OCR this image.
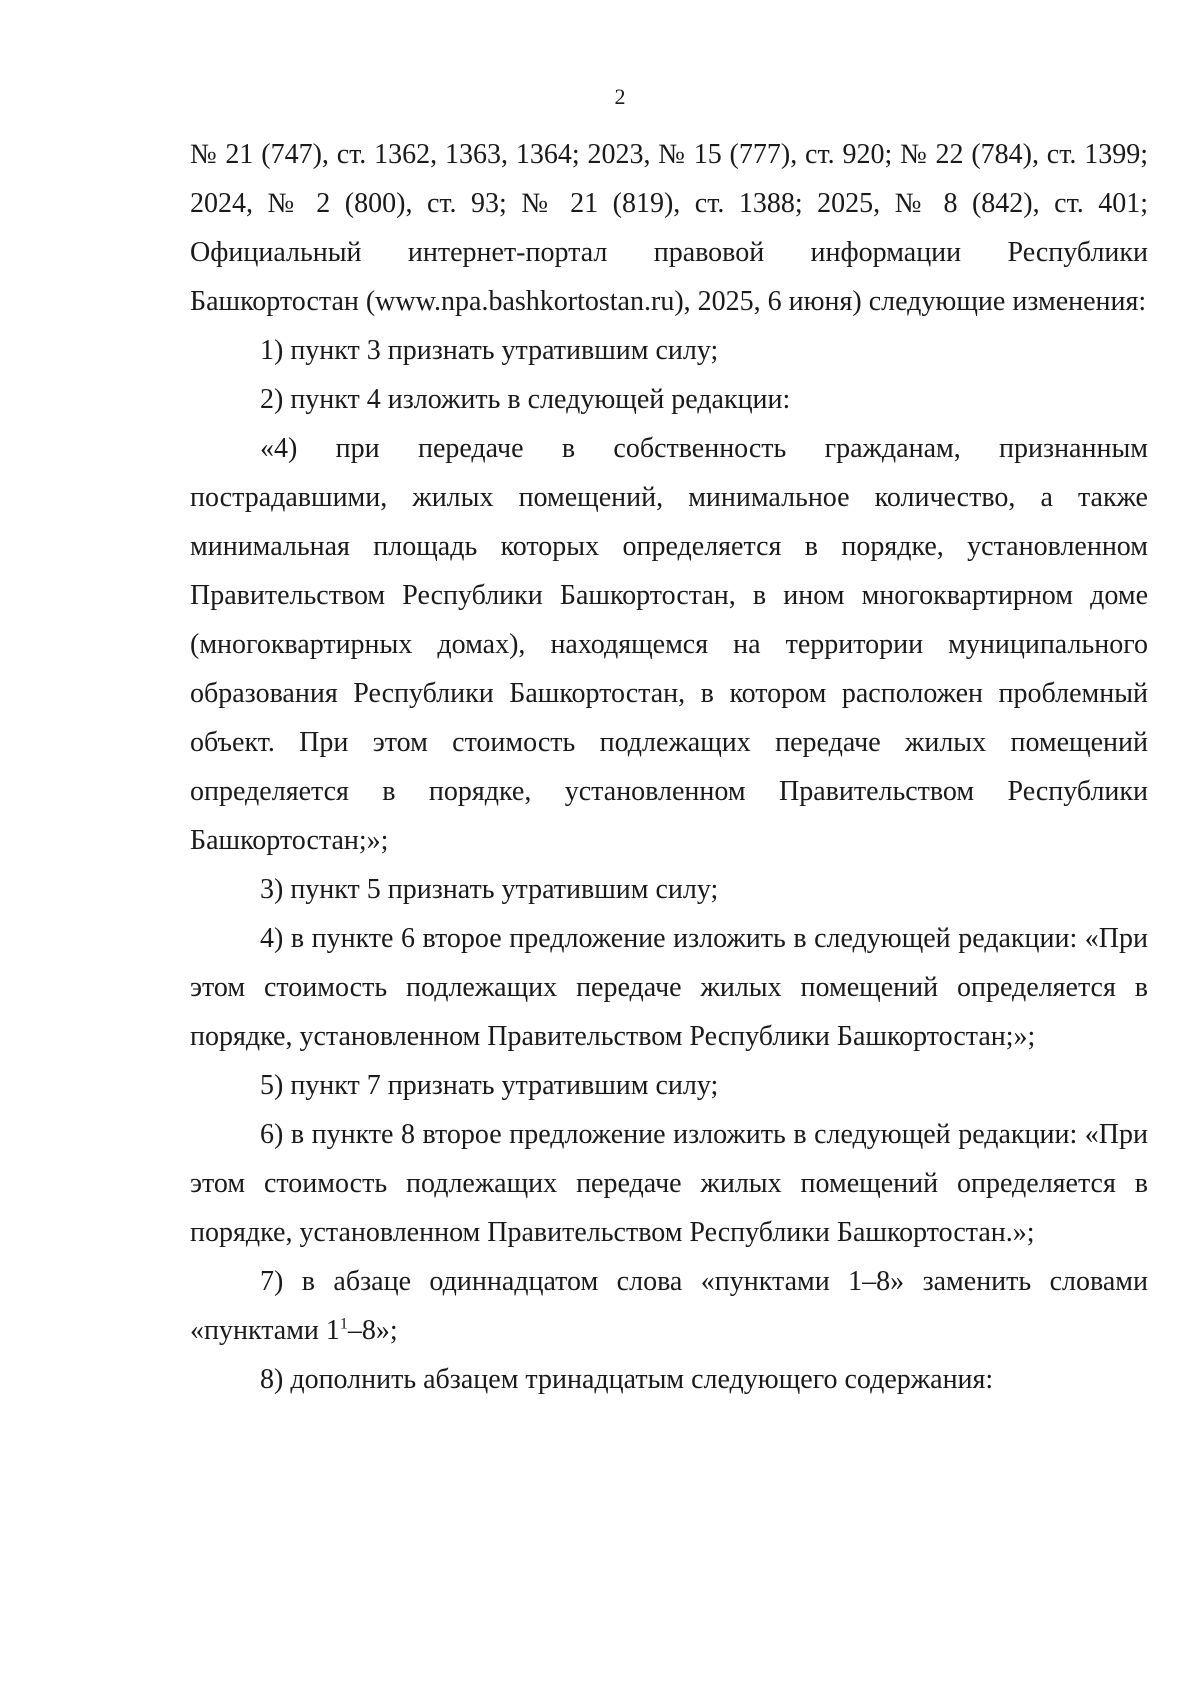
2

№ 21 (747), ст. 1362, 1363, 1364; 2023, № 15 (777), ст. 920; № 22 (784), ст. 1399; 2024, № 2 (800), ст. 93; № 21 (819), ст. 1388; 2025, № 8 (842), ст. 401; Официальный интернет-портал правовой информации Республики Башкортостан (www.npa.bashkortostan.ru), 2025, 6 июня) следующие изменения:

1) пункт 3 признать утратившим силу;

2) пункт 4 изложить в следующей редакции:

«4) при передаче в собственность гражданам, признанным пострадавшими, жилых помещений, минимальное количество, а также минимальная площадь которых определяется в порядке, установленном Правительством Республики Башкортостан, в ином многоквартирном доме (многоквартирных домах), находящемся на территории муниципального образования Республики Башкортостан, в котором расположен проблемный объект. При этом стоимость подлежащих передаче жилых помещений определяется в порядке, установленном Правительством Республики Башкортостан;»;

3) пункт 5 признать утратившим силу;

4) в пункте 6 второе предложение изложить в следующей редакции: «При этом стоимость подлежащих передаче жилых помещений определяется в порядке, установленном Правительством Республики Башкортостан;»;

5) пункт 7 признать утратившим силу;

6) в пункте 8 второе предложение изложить в следующей редакции: «При этом стоимость подлежащих передаче жилых помещений определяется в порядке, установленном Правительством Республики Башкортостан.»;

7) в абзаце одиннадцатом слова «пунктами 1–8» заменить словами «пунктами $1^1-8$»;

8) дополнить абзацем тринадцатым следующего содержания:
